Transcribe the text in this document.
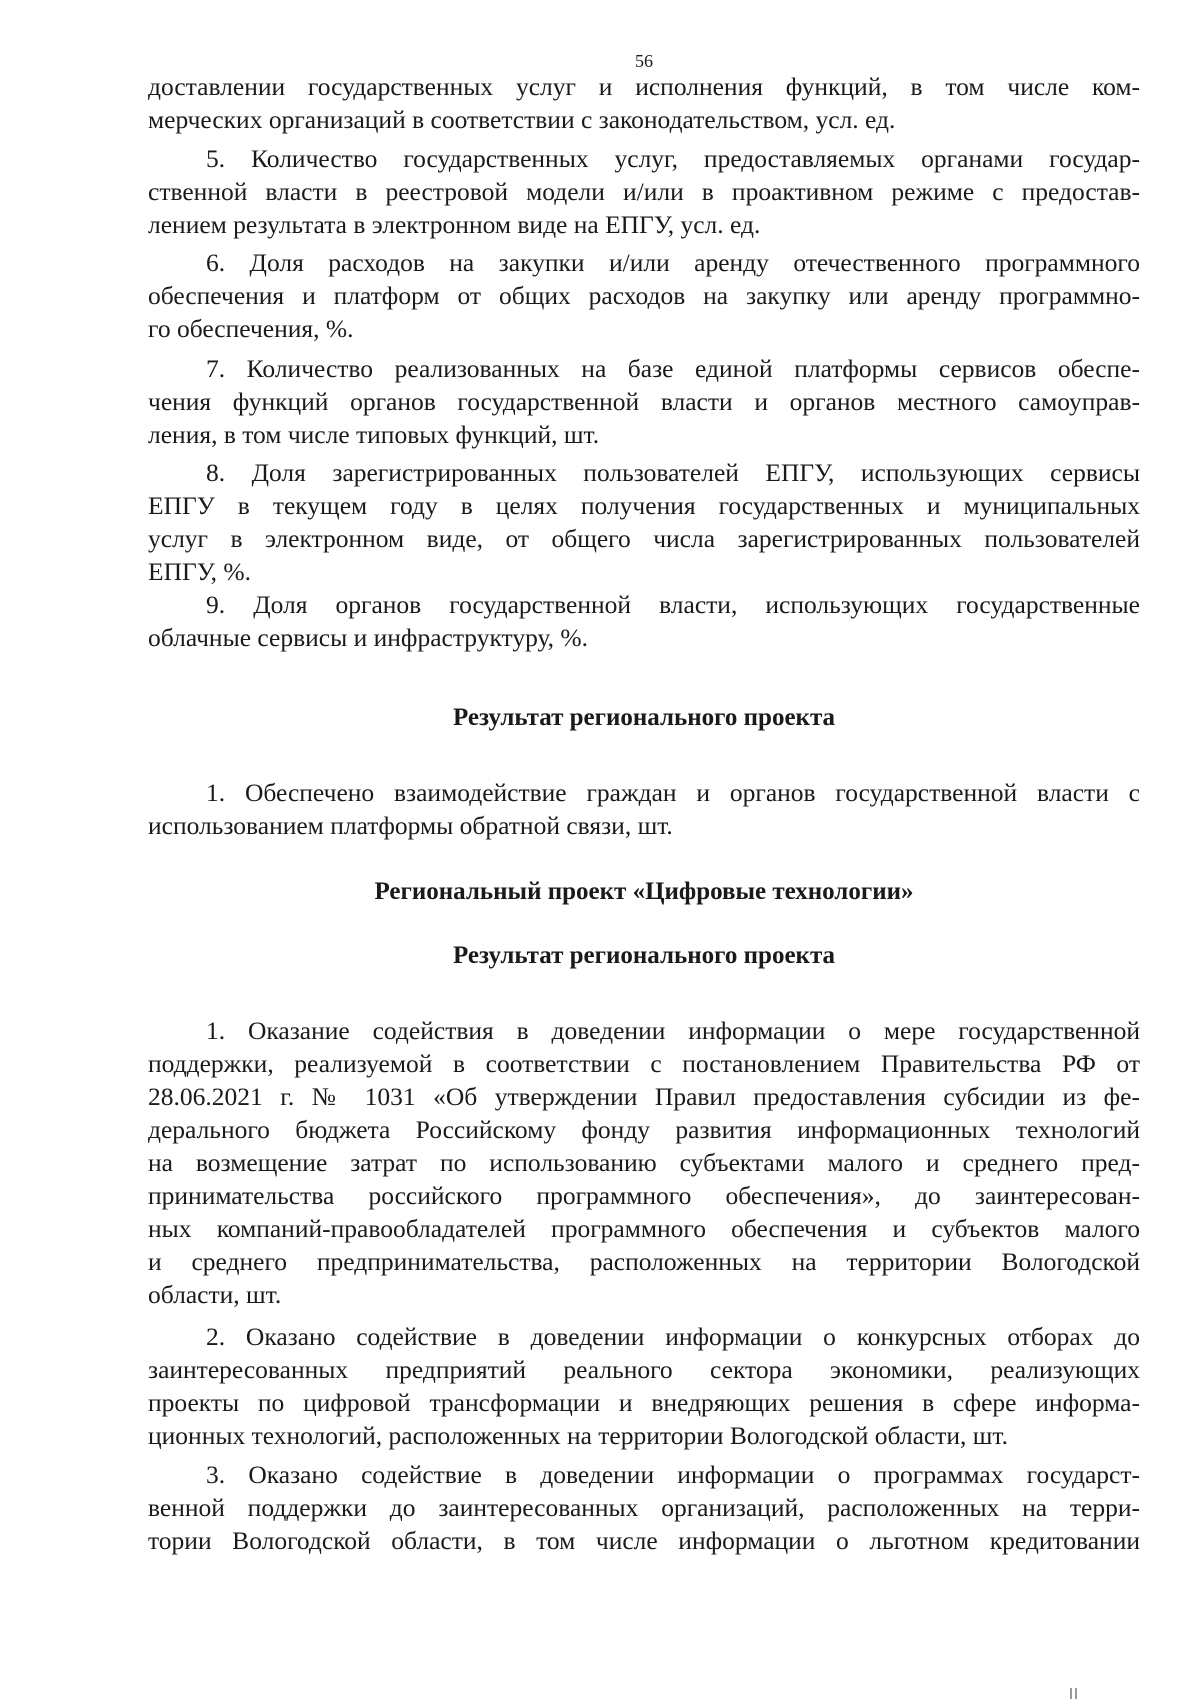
56
доставлении государственных услуг и исполнения функций, в том числе ком-
мерческих организаций в соответствии с законодательством, усл. ед.
5. Количество государственных услуг, предоставляемых органами государ-
ственной власти в реестровой модели и/или в проактивном режиме с предостав-
лением результата в электронном виде на ЕПГУ, усл. ед.
6. Доля расходов на закупки и/или аренду отечественного программного
обеспечения и платформ от общих расходов на закупку или аренду программно-
го обеспечения, %.
7. Количество реализованных на базе единой платформы сервисов обеспе-
чения функций органов государственной власти и органов местного самоуправ-
ления, в том числе типовых функций, шт.
8. Доля зарегистрированных пользователей ЕПГУ, использующих сервисы
ЕПГУ в текущем году в целях получения государственных и муниципальных
услуг в электронном виде, от общего числа зарегистрированных пользователей
ЕПГУ, %.
9. Доля органов государственной власти, использующих государственные
облачные сервисы и инфраструктуру, %.
Результат регионального проекта
1. Обеспечено взаимодействие граждан и органов государственной власти с
использованием платформы обратной связи, шт.
Региональный проект «Цифровые технологии»
Результат регионального проекта
1. Оказание содействия в доведении информации о мере государственной
поддержки, реализуемой в соответствии с постановлением Правительства РФ от
28.06.2021 г. № 1031 «Об утверждении Правил предоставления субсидии из фе-
дерального бюджета Российскому фонду развития информационных технологий
на возмещение затрат по использованию субъектами малого и среднего пред-
принимательства российского программного обеспечения», до заинтересован-
ных компаний-правообладателей программного обеспечения и субъектов малого
и среднего предпринимательства, расположенных на территории Вологодской
области, шт.
2. Оказано содействие в доведении информации о конкурсных отборах до
заинтересованных предприятий реального сектора экономики, реализующих
проекты по цифровой трансформации и внедряющих решения в сфере информа-
ционных технологий, расположенных на территории Вологодской области, шт.
3. Оказано содействие в доведении информации о программах государст-
венной поддержки до заинтересованных организаций, расположенных на терри-
тории Вологодской области, в том числе информации о льготном кредитовании
